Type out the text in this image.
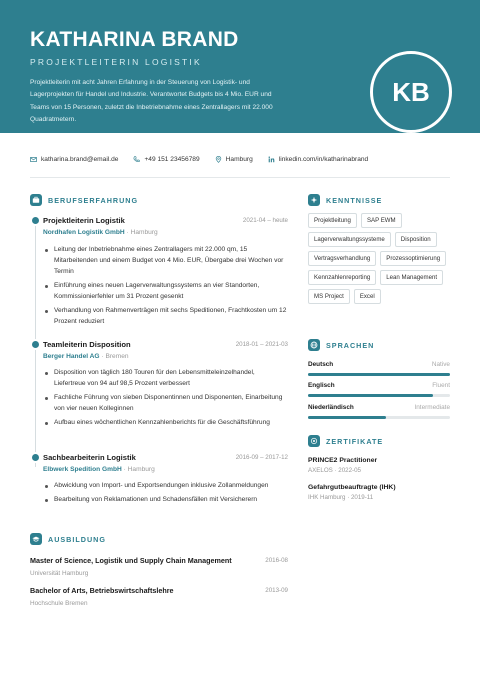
KATHARINA BRAND
PROJEKTLEITERIN LOGISTIK
Projektleiterin mit acht Jahren Erfahrung in der Steuerung von Logistik- und Lagerprojekten für Handel und Industrie. Verantwortet Budgets bis 4 Mio. EUR und Teams von 15 Personen, zuletzt die Inbetriebnahme eines Zentrallagers mit 22.000 Quadratmetern.
KB
katharina.brand@email.de	+49 151 23456789	Hamburg	linkedin.com/in/katharinabrand
BERUFSERFAHRUNG
Projektleiterin Logistik	2021-04 – heute
Nordhafen Logistik GmbH · Hamburg
Leitung der Inbetriebnahme eines Zentrallagers mit 22.000 qm, 15 Mitarbeitenden und einem Budget von 4 Mio. EUR, Übergabe drei Wochen vor Termin
Einführung eines neuen Lagerverwaltungssystems an vier Standorten, Kommissionierfehler um 31 Prozent gesenkt
Verhandlung von Rahmenverträgen mit sechs Speditionen, Frachtkosten um 12 Prozent reduziert
Teamleiterin Disposition	2018-01 – 2021-03
Berger Handel AG · Bremen
Disposition von täglich 180 Touren für den Lebensmitteleinzelhandel, Liefertreue von 94 auf 98,5 Prozent verbessert
Fachliche Führung von sieben Disponentinnen und Disponenten, Einarbeitung von vier neuen Kolleginnen
Aufbau eines wöchentlichen Kennzahlenberichts für die Geschäftsführung
Sachbearbeiterin Logistik	2016-09 – 2017-12
Elbwerk Spedition GmbH · Hamburg
Abwicklung von Import- und Exportsendungen inklusive Zollanmeldungen
Bearbeitung von Reklamationen und Schadensfällen mit Versicherern
AUSBILDUNG
Master of Science, Logistik und Supply Chain Management	2016-08
Universität Hamburg
Bachelor of Arts, Betriebswirtschaftslehre	2013-09
Hochschule Bremen
KENNTNISSE
Projektleitung	SAP EWM
Lagerverwaltungssysteme	Disposition
Vertragsverhandlung	Prozessoptimierung
Kennzahlenreporting	Lean Management
MS Project	Excel
SPRACHEN
Deutsch	Native
Englisch	Fluent
Niederländisch	Intermediate
ZERTIFIKATE
PRINCE2 Practitioner
AXELOS · 2022-05
Gefahrgutbeauftragte (IHK)
IHK Hamburg · 2019-11
